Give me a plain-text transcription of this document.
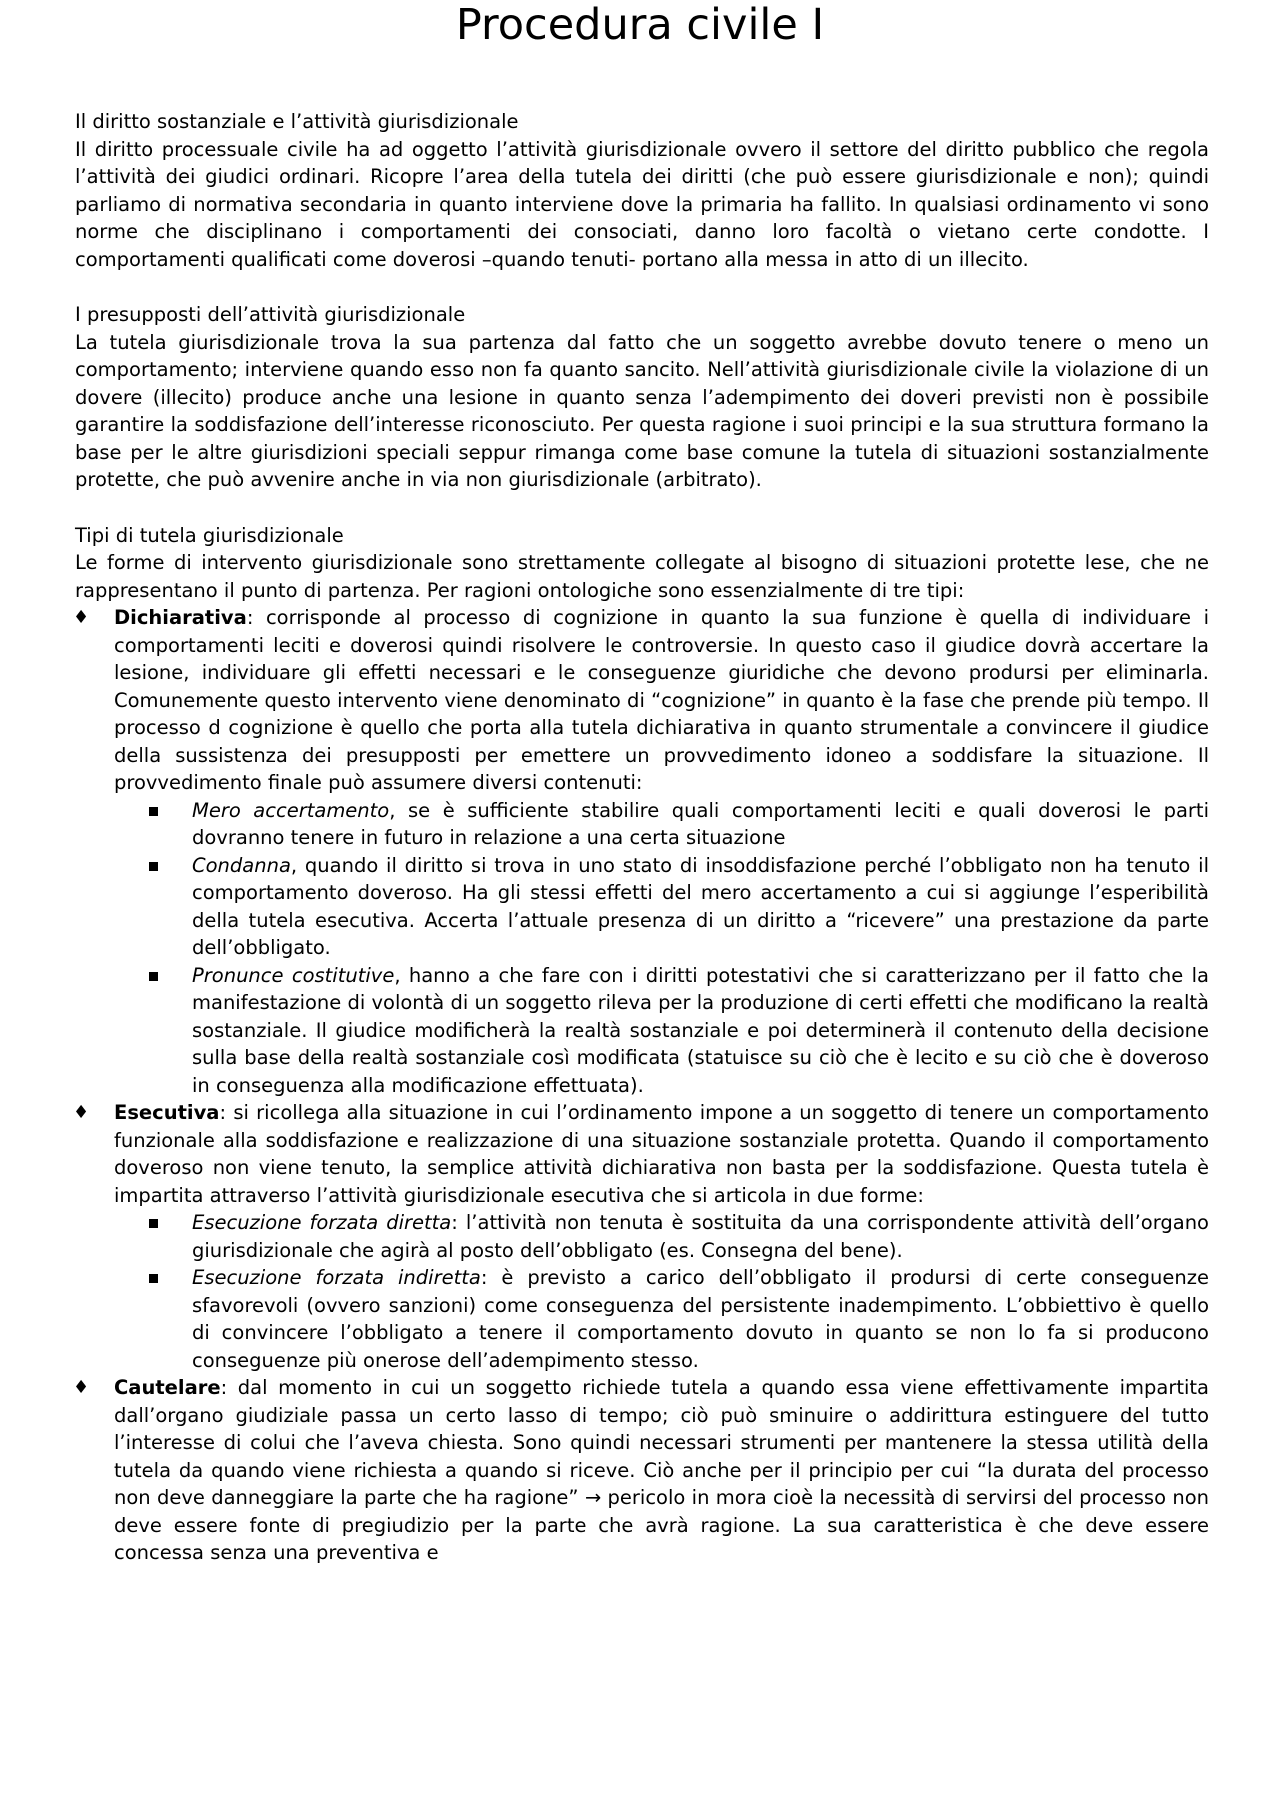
Procedura civile I

Il diritto sostanziale e l’attività giurisdizionale

Il diritto processuale civile ha ad oggetto l’attività giurisdizionale ovvero il settore del diritto pubblico che regola l’attività dei giudici ordinari. Ricopre l’area della tutela dei diritti (che può essere giurisdizionale e non); quindi parliamo di normativa secondaria in quanto interviene dove la primaria ha fallito. In qualsiasi ordinamento vi sono norme che disciplinano i comportamenti dei consociati, danno loro facoltà o vietano certe condotte. I comportamenti qualificati come doverosi –quando tenuti- portano alla messa in atto di un illecito.

I presupposti dell’attività giurisdizionale

La tutela giurisdizionale trova la sua partenza dal fatto che un soggetto avrebbe dovuto tenere o meno un comportamento; interviene quando esso non fa quanto sancito. Nell’attività giurisdizionale civile la violazione di un dovere (illecito) produce anche una lesione in quanto senza l’adempimento dei doveri previsti non è possibile garantire la soddisfazione dell’interesse riconosciuto. Per questa ragione i suoi principi e la sua struttura formano la base per le altre giurisdizioni speciali seppur rimanga come base comune la tutela di situazioni sostanzialmente protette, che può avvenire anche in via non giurisdizionale (arbitrato).

Tipi di tutela giurisdizionale

Le forme di intervento giurisdizionale sono strettamente collegate al bisogno di situazioni protette lese, che ne rappresentano il punto di partenza. Per ragioni ontologiche sono essenzialmente di tre tipi:

♦ Dichiarativa: corrisponde al processo di cognizione in quanto la sua funzione è quella di individuare i comportamenti leciti e doverosi quindi risolvere le controversie. In questo caso il giudice dovrà accertare la lesione, individuare gli effetti necessari e le conseguenze giuridiche che devono prodursi per eliminarla. Comunemente questo intervento viene denominato di “cognizione” in quanto è la fase che prende più tempo. Il processo d cognizione è quello che porta alla tutela dichiarativa in quanto strumentale a convincere il giudice della sussistenza dei presupposti per emettere un provvedimento idoneo a soddisfare la situazione. Il provvedimento finale può assumere diversi contenuti:
Mero accertamento, se è sufficiente stabilire quali comportamenti leciti e quali doverosi le parti dovranno tenere in futuro in relazione a una certa situazione
Condanna, quando il diritto si trova in uno stato di insoddisfazione perché l’obbligato non ha tenuto il comportamento doveroso. Ha gli stessi effetti del mero accertamento a cui si aggiunge l’esperibilità della tutela esecutiva. Accerta l’attuale presenza di un diritto a “ricevere” una prestazione da parte dell’obbligato.
Pronunce costitutive, hanno a che fare con i diritti potestativi che si caratterizzano per il fatto che la manifestazione di volontà di un soggetto rileva per la produzione di certi effetti che modificano la realtà sostanziale. Il giudice modificherà la realtà sostanziale e poi determinerà il contenuto della decisione sulla base della realtà sostanziale così modificata (statuisce su ciò che è lecito e su ciò che è doveroso in conseguenza alla modificazione effettuata).
♦ Esecutiva: si ricollega alla situazione in cui l’ordinamento impone a un soggetto di tenere un comportamento funzionale alla soddisfazione e realizzazione di una situazione sostanziale protetta. Quando il comportamento doveroso non viene tenuto, la semplice attività dichiarativa non basta per la soddisfazione. Questa tutela è impartita attraverso l’attività giurisdizionale esecutiva che si articola in due forme:
Esecuzione forzata diretta: l’attività non tenuta è sostituita da una corrispondente attività dell’organo giurisdizionale che agirà al posto dell’obbligato (es. Consegna del bene).
Esecuzione forzata indiretta: è previsto a carico dell’obbligato il prodursi di certe conseguenze sfavorevoli (ovvero sanzioni) come conseguenza del persistente inadempimento. L’obbiettivo è quello di convincere l’obbligato a tenere il comportamento dovuto in quanto se non lo fa si producono conseguenze più onerose dell’adempimento stesso.
♦ Cautelare: dal momento in cui un soggetto richiede tutela a quando essa viene effettivamente impartita dall’organo giudiziale passa un certo lasso di tempo; ciò può sminuire o addirittura estinguere del tutto l’interesse di colui che l’aveva chiesta. Sono quindi necessari strumenti per mantenere la stessa utilità della tutela da quando viene richiesta a quando si riceve. Ciò anche per il principio per cui “la durata del processo non deve danneggiare la parte che ha ragione” → pericolo in mora cioè la necessità di servirsi del processo non deve essere fonte di pregiudizio per la parte che avrà ragione. La sua caratteristica è che deve essere concessa senza una preventiva e
